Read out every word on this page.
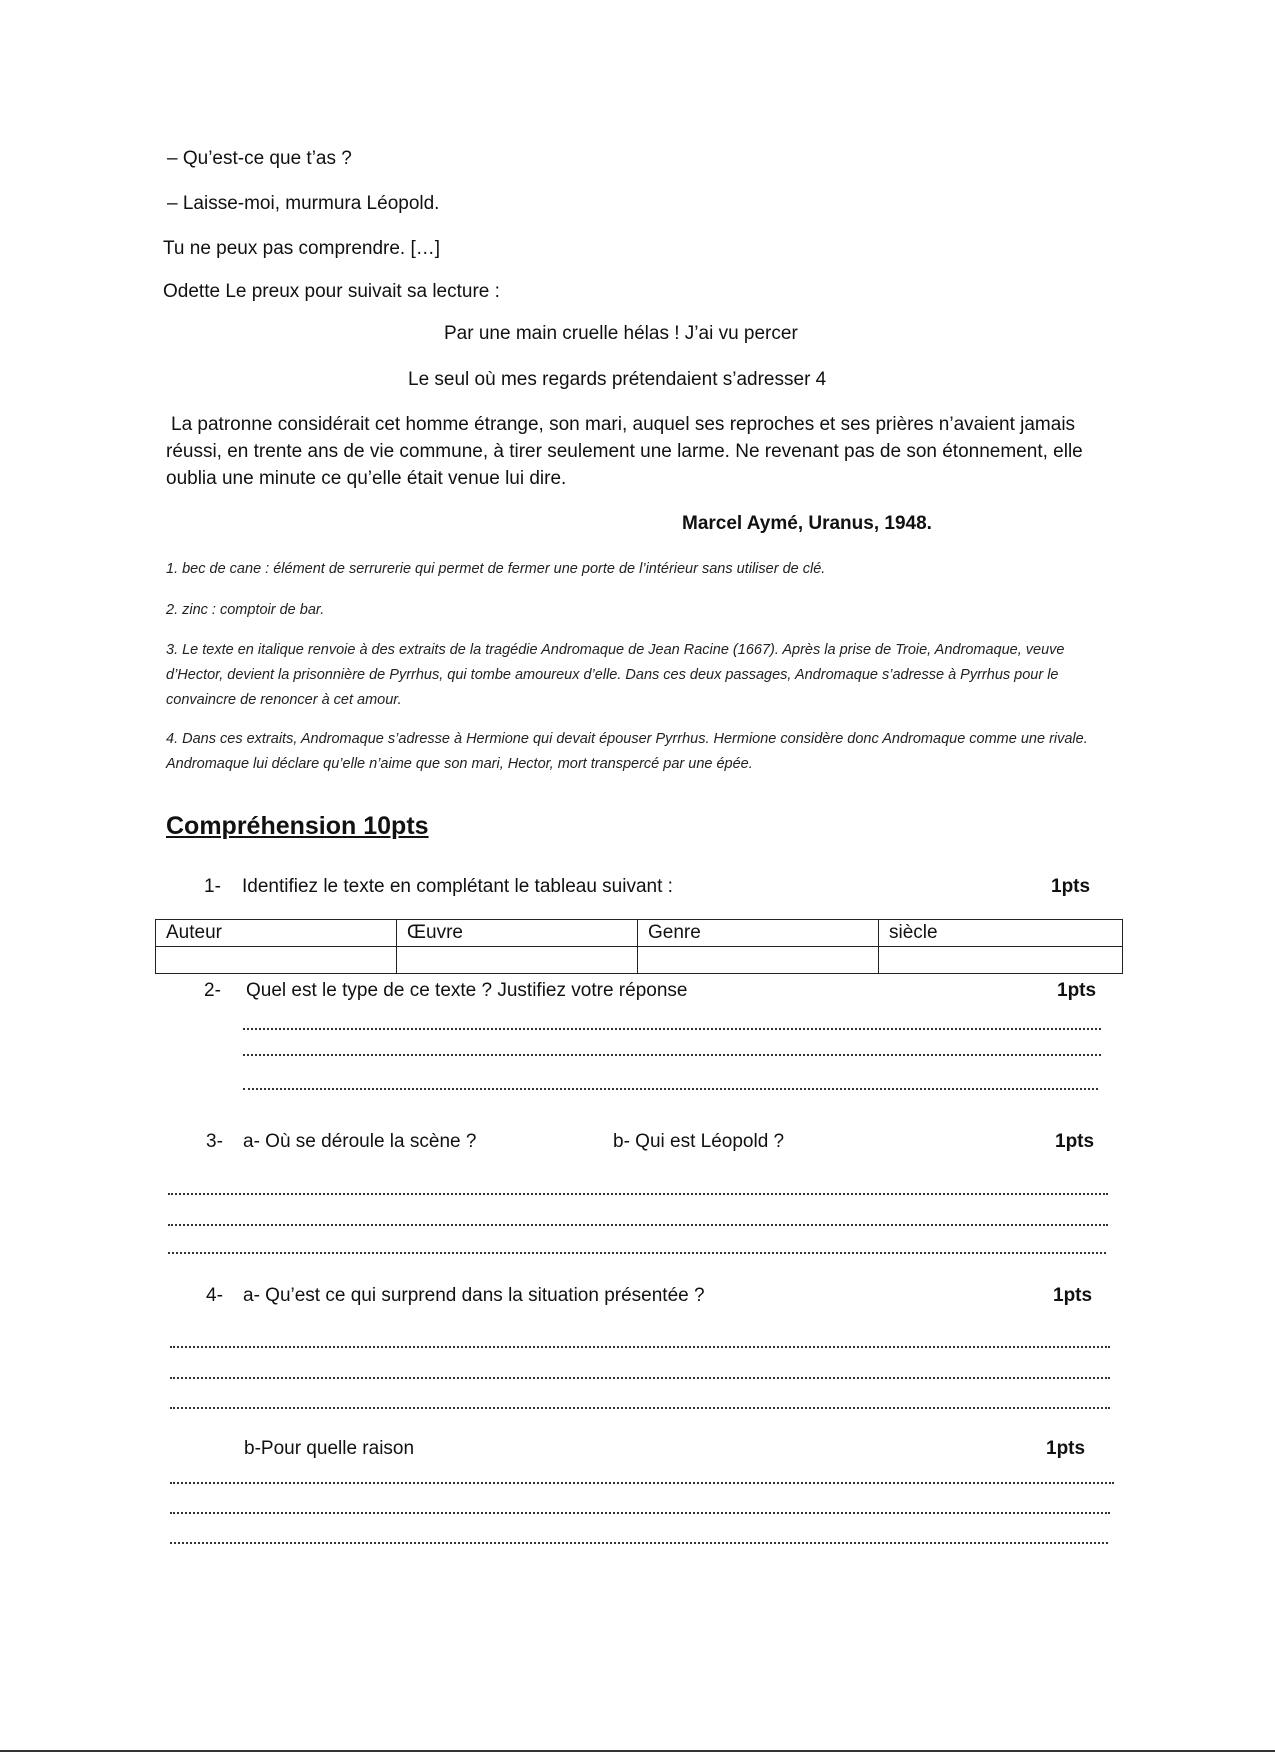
– Qu’est-ce que t’as ?
– Laisse-moi, murmura Léopold.
Tu ne peux pas comprendre. […]
Odette Le preux pour suivait sa lecture :
Par une main cruelle hélas ! J’ai vu percer
Le seul où mes regards prétendaient s’adresser 4
La patronne considérait cet homme étrange, son mari, auquel ses reproches et ses prières n’avaient jamais réussi, en trente ans de vie commune, à tirer seulement une larme. Ne revenant pas de son étonnement, elle oublia une minute ce qu’elle était venue lui dire.
Marcel Aymé, Uranus, 1948.
1. bec de cane : élément de serrurerie qui permet de fermer une porte de l’intérieur sans utiliser de clé.
2. zinc : comptoir de bar.
3. Le texte en italique renvoie à des extraits de la tragédie Andromaque de Jean Racine (1667). Après la prise de Troie, Andromaque, veuve d’Hector, devient la prisonnière de Pyrrhus, qui tombe amoureux d’elle. Dans ces deux passages, Andromaque s’adresse à Pyrrhus pour le convaincre de renoncer à cet amour.
4. Dans ces extraits, Andromaque s’adresse à Hermione qui devait épouser Pyrrhus. Hermione considère donc Andromaque comme une rivale. Andromaque lui déclare qu’elle n’aime que son mari, Hector, mort transpercé par une épée.
Compréhension 10pts
1- Identifiez le texte en complétant le tableau suivant :	1pts
Auteur	Œuvre	Genre	siècle

2- Quel est le type de ce texte ? Justifiez votre réponse	1pts
3- a- Où se déroule la scène ?	b- Qui est Léopold ?	1pts
4- a- Qu’est ce qui surprend dans la situation présentée ?	1pts
b-Pour quelle raison	1pts
